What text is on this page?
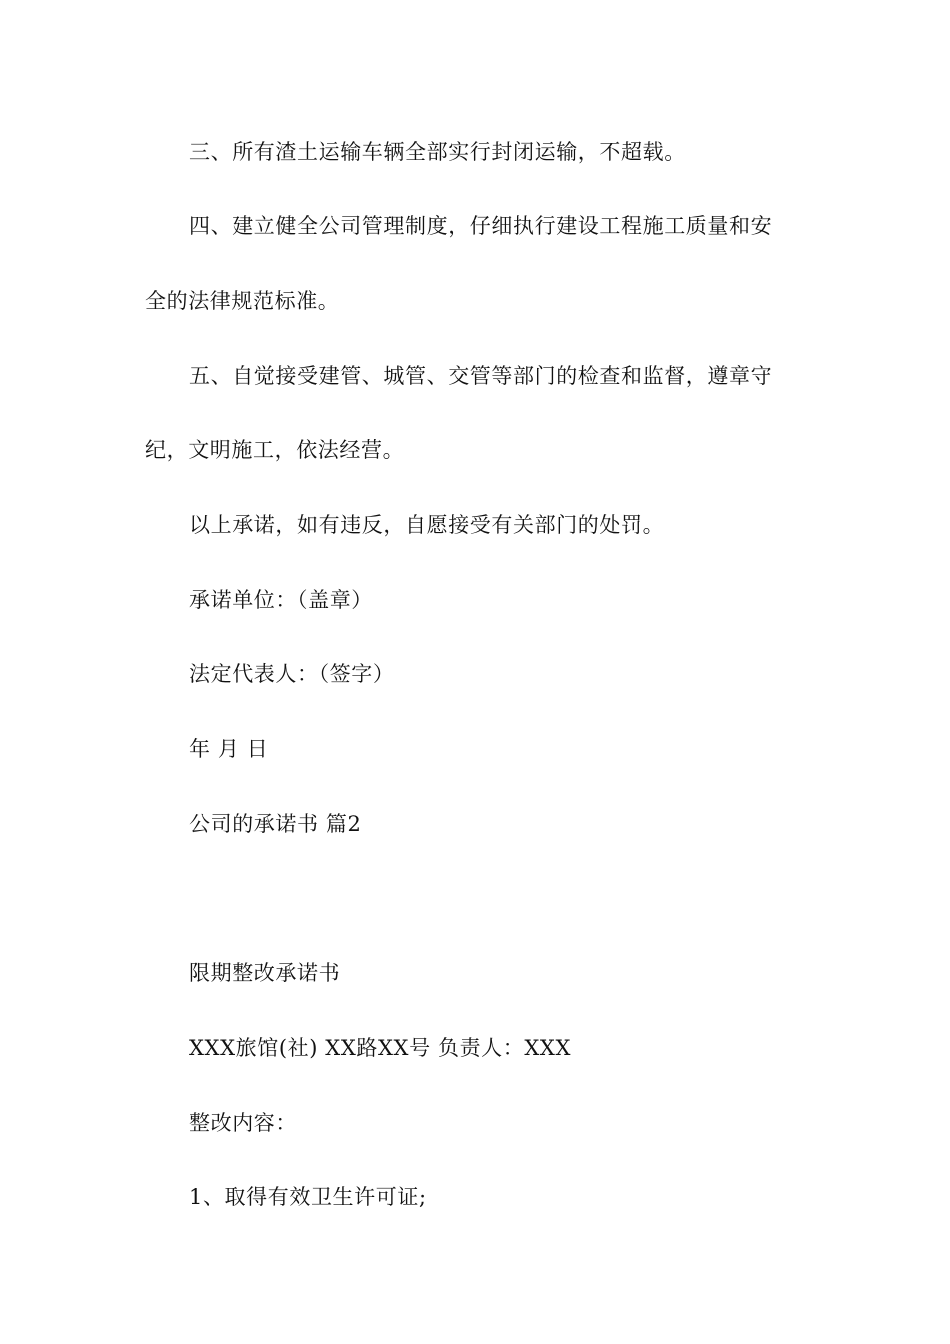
三、所有渣土运输车辆全部实行封闭运输，不超载。
四、建立健全公司管理制度，仔细执行建设工程施工质量和安
全的法律规范标准。
五、自觉接受建管、城管、交管等部门的检查和监督，遵章守
纪，文明施工，依法经营。
以上承诺，如有违反，自愿接受有关部门的处罚。
承诺单位：（盖章）
法定代表人：（签字）
年 月 日
公司的承诺书 篇2
限期整改承诺书
XXX旅馆(社) XX路XX号 负责人：XXX
整改内容：
1、取得有效卫生许可证;
